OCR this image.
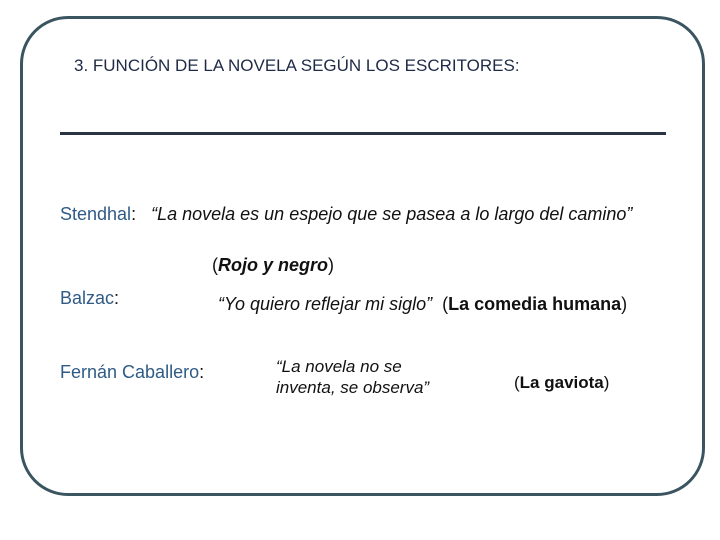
3. FUNCIÓN DE LA NOVELA SEGÚN LOS ESCRITORES:
Stendhal: “La novela es un espejo que se pasea a lo largo del camino”
(Rojo y negro)
Balzac:	“Yo quiero reflejar mi siglo” (La comedia humana)
Fernán Caballero:	“La novela no se inventa, se observa”	(La gaviota)
